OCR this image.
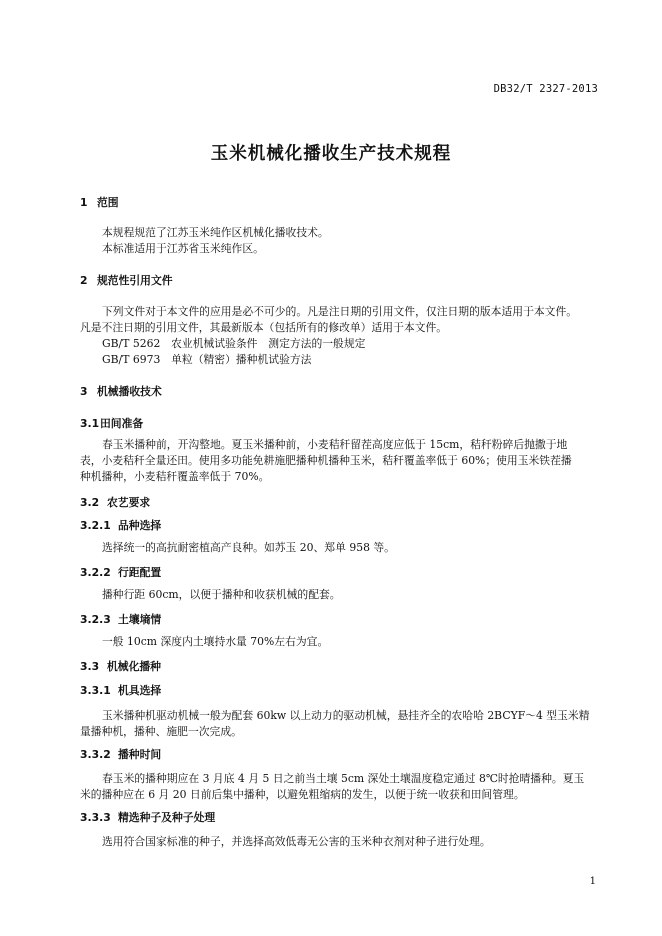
DB32/T 2327-2013
玉米机械化播收生产技术规程
1 范围
本规程规范了江苏玉米纯作区机械化播收技术。
本标准适用于江苏省玉米纯作区。
2 规范性引用文件
下列文件对于本文件的应用是必不可少的。凡是注日期的引用文件，仅注日期的版本适用于本文件。
凡是不注日期的引用文件，其最新版本（包括所有的修改单）适用于本文件。
GB/T 5262　农业机械试验条件　测定方法的一般规定
GB/T 6973　单粒（精密）播种机试验方法
3 机械播收技术
3.1田间准备
春玉米播种前，开沟整地。夏玉米播种前，小麦秸秆留茬高度应低于 15cm，秸秆粉碎后抛撒于地
表，小麦秸秆全量还田。使用多功能免耕施肥播种机播种玉米，秸秆覆盖率低于 60%；使用玉米铁茬播
种机播种，小麦秸秆覆盖率低于 70%。
3.2 农艺要求
3.2.1 品种选择
选择统一的高抗耐密植高产良种。如苏玉 20、郑单 958 等。
3.2.2 行距配置
播种行距 60cm，以便于播种和收获机械的配套。
3.2.3 土壤墒情
一般 10cm 深度内土壤持水量 70%左右为宜。
3.3 机械化播种
3.3.1 机具选择
玉米播种机驱动机械一般为配套 60kw 以上动力的驱动机械，悬挂齐全的农哈哈 2BCYF～4 型玉米精
量播种机，播种、施肥一次完成。
3.3.2 播种时间
春玉米的播种期应在 3 月底 4 月 5 日之前当土壤 5cm 深处土壤温度稳定通过 8℃时抢晴播种。夏玉
米的播种应在 6 月 20 日前后集中播种，以避免粗缩病的发生，以便于统一收获和田间管理。
3.3.3 精选种子及种子处理
选用符合国家标准的种子，并选择高效低毒无公害的玉米种衣剂对种子进行处理。
1
